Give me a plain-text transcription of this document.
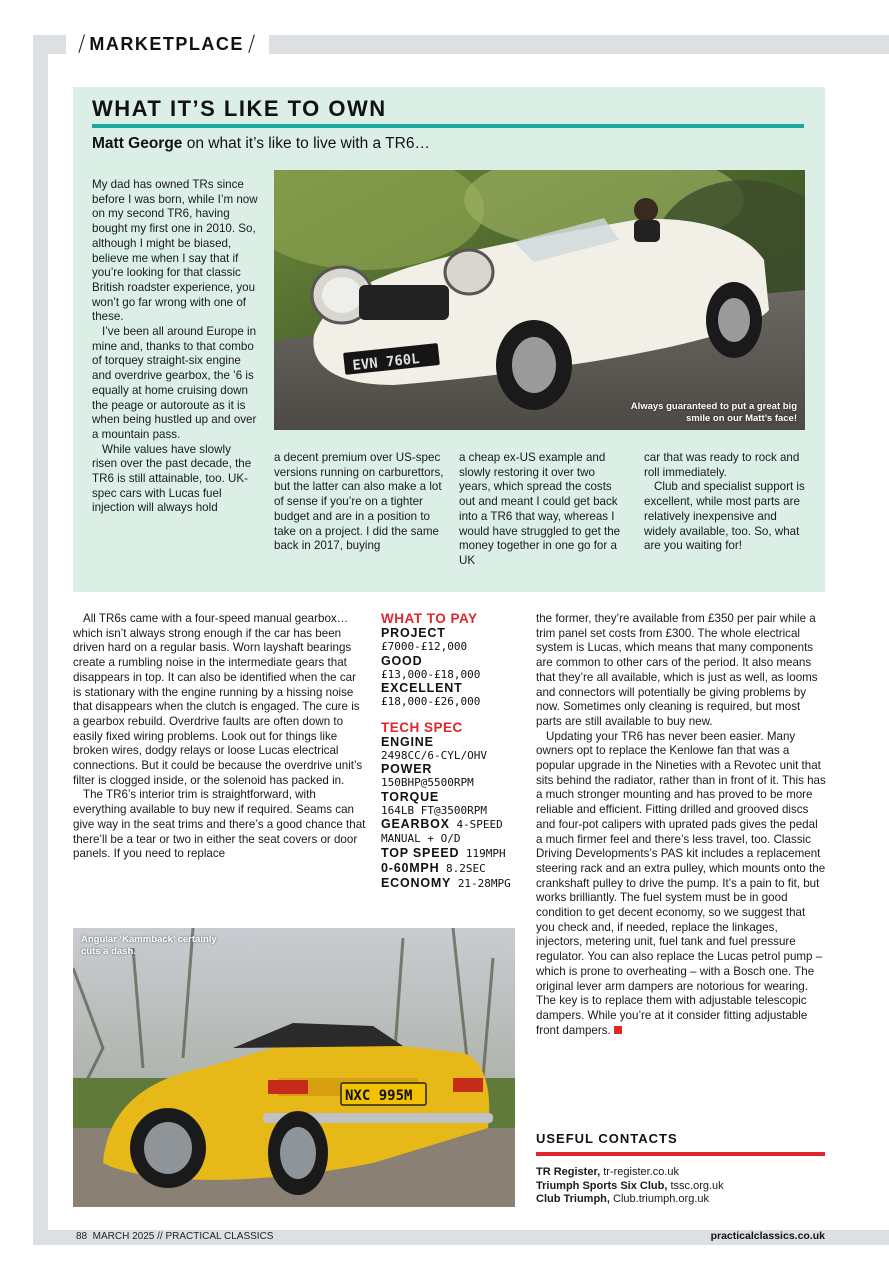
/ MARKETPLACE /
WHAT IT’S LIKE TO OWN
Matt George on what it’s like to live with a TR6…

My dad has owned TRs since before I was born, while I’m now on my second TR6, having bought my first one in 2010. So, although I might be biased, believe me when I say that if you’re looking for that classic British roadster experience, you won’t go far wrong with one of these.

I’ve been all around Europe in mine and, thanks to that combo of torquey straight-six engine and overdrive gearbox, the ’6 is equally at home cruising down the peage or autoroute as it is when being hustled up and over a mountain pass.

While values have slowly risen over the past decade, the TR6 is still attainable, too. UK-spec cars with Lucas fuel injection will always hold

EVN 760L
Always guaranteed to put a great big smile on our Matt’s face!

a decent premium over US-spec versions running on carburettors, but the latter can also make a lot of sense if you’re on a tighter budget and are in a position to take on a project. I did the same back in 2017, buying

a cheap ex-US example and slowly restoring it over two years, which spread the costs out and meant I could get back into a TR6 that way, whereas I would have struggled to get the money together in one go for a UK

car that was ready to rock and roll immediately.

Club and specialist support is excellent, while most parts are relatively inexpensive and widely available, too. So, what are you waiting for!

All TR6s came with a four-speed manual gearbox… which isn’t always strong enough if the car has been driven hard on a regular basis. Worn layshaft bearings create a rumbling noise in the intermediate gears that disappears in top. It can also be identified when the car is stationary with the engine running by a hissing noise that disappears when the clutch is engaged. The cure is a gearbox rebuild. Overdrive faults are often down to easily fixed wiring problems. Look out for things like broken wires, dodgy relays or loose Lucas electrical connections. But it could be because the overdrive unit’s filter is clogged inside, or the solenoid has packed in.

The TR6’s interior trim is straightforward, with everything available to buy new if required. Seams can give way in the seat trims and there’s a good chance that there’ll be a tear or two in either the seat covers or door panels. If you need to replace

WHAT TO PAY
PROJECT
£7000-£12,000
GOOD
£13,000-£18,000
EXCELLENT
£18,000-£26,000
TECH SPEC
ENGINE
2498CC/6-CYL/OHV
POWER
150BHP@5500RPM
TORQUE
164LB FT@3500RPM
GEARBOX 4-SPEED
MANUAL + O/D
TOP SPEED 119MPH
0-60MPH 8.2SEC
ECONOMY 21-28MPG

the former, they’re available from £350 per pair while a trim panel set costs from £300. The whole electrical system is Lucas, which means that many components are common to other cars of the period. It also means that they’re all available, which is just as well, as looms and connectors will potentially be giving problems by now. Sometimes only cleaning is required, but most parts are still available to buy new.

Updating your TR6 has never been easier. Many owners opt to replace the Kenlowe fan that was a popular upgrade in the Nineties with a Revotec unit that sits behind the radiator, rather than in front of it. This has a much stronger mounting and has proved to be more reliable and efficient. Fitting drilled and grooved discs and four-pot calipers with uprated pads gives the pedal a much firmer feel and there’s less travel, too. Classic Driving Developments’s PAS kit includes a replacement steering rack and an extra pulley, which mounts onto the crankshaft pulley to drive the pump. It’s a pain to fit, but works brilliantly. The fuel system must be in good condition to get decent economy, so we suggest that you check and, if needed, replace the linkages, injectors, metering unit, fuel tank and fuel pressure regulator. You can also replace the Lucas petrol pump – which is prone to overheating – with a Bosch one. The original lever arm dampers are notorious for wearing. The key is to replace them with adjustable telescopic dampers. While you’re at it consider fitting adjustable front dampers.

NXC 995M
Angular ‘Kammback’ certainly cuts a dash.
USEFUL CONTACTS
TR Register, tr-register.co.uk
Triumph Sports Six Club, tssc.org.uk
Club Triumph, Club.triumph.org.uk
88  MARCH 2025 // PRACTICAL CLASSICS	practicalclassics.co.uk
